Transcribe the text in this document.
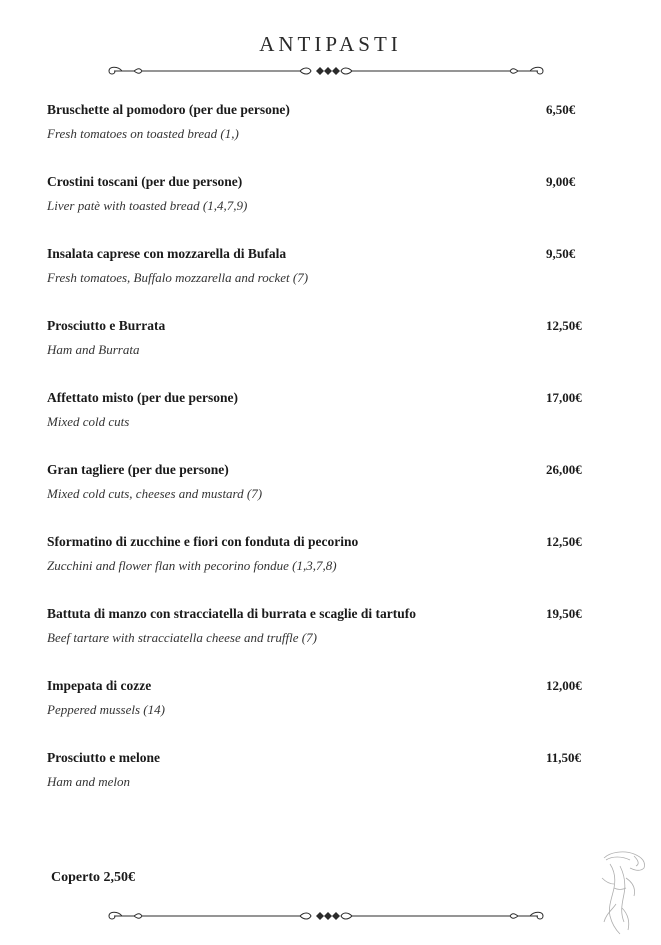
ANTIPASTI
Bruschette al pomodoro (per due persone)	6,50€
Fresh tomatoes on toasted bread (1,)
Crostini toscani (per due persone)	9,00€
Liver patè with toasted bread (1,4,7,9)
Insalata caprese con mozzarella di Bufala	9,50€
Fresh tomatoes, Buffalo mozzarella and rocket (7)
Prosciutto e Burrata	12,50€
Ham and Burrata
Affettato misto (per due persone)	17,00€
Mixed cold cuts
Gran tagliere (per due persone)	26,00€
Mixed cold cuts, cheeses and mustard (7)
Sformatino di zucchine e fiori con fonduta di pecorino	12,50€
Zucchini and flower flan with pecorino fondue (1,3,7,8)
Battuta di manzo con stracciatella di burrata e scaglie di tartufo	19,50€
Beef tartare with stracciatella cheese and truffle (7)
Impepata di cozze	12,00€
Peppered mussels (14)
Prosciutto e melone	11,50€
Ham and melon
Coperto 2,50€
